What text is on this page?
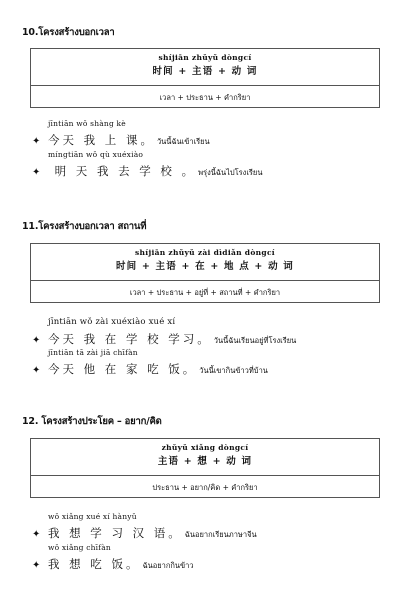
10.โครงสร้างบอกเวลา
shíjiān zhǔyǔ dòngcí
时间 + 主语 + 动 词
เวลา + ประธาน + คำกริยา
jīntiān wǒ shàng kè
✦ 今天 我 上 课。 วันนี้ฉันเข้าเรียน
míngtiān wǒ qù xuéxiào
✦ 明 天 我 去 学 校 。 พรุ่งนี้ฉันไปโรงเรียน
11.โครงสร้างบอกเวลา สถานที่
shíjiān zhǔyǔ zài dìdiǎn dòngcí
时间 + 主语 + 在 + 地 点 + 动 词
เวลา + ประธาน + อยู่ที่ + สถานที่ + คำกริยา
jīntiān wǒ zài xuéxiào xué xí
✦ 今天 我 在 学 校 学习。 วันนี้ฉันเรียนอยู่ที่โรงเรียน
jīntiān tā zài jiā chīfàn
✦ 今天 他 在 家 吃 饭。 วันนี้เขากินข้าวที่บ้าน
12. โครงสร้างประโยค – อยาก/คิด
zhǔyǔ xiǎng dòngcí
主语 + 想 + 动 词
ประธาน + อยาก/คิด + คำกริยา
wǒ xiǎng xué xí hànyǔ
✦ 我 想 学 习 汉 语。 ฉันอยากเรียนภาษาจีน
wǒ xiǎng chīfàn
✦ 我 想 吃 饭。 ฉันอยากกินข้าว
